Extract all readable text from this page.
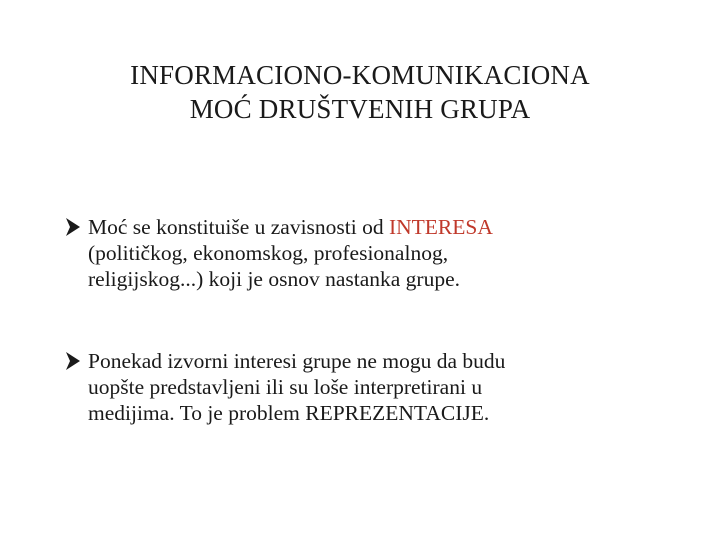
INFORMACIONO-KOMUNIKACIONA
MOĆ DRUŠTVENIH GRUPA
Moć se konstituiše u zavisnosti od INTERESA
(političkog, ekonomskog, profesionalnog,
religijskog...) koji je osnov nastanka grupe.
Ponekad izvorni interesi grupe ne mogu da budu
uopšte predstavljeni ili su loše interpretirani u
medijima. To je problem REPREZENTACIJE.
